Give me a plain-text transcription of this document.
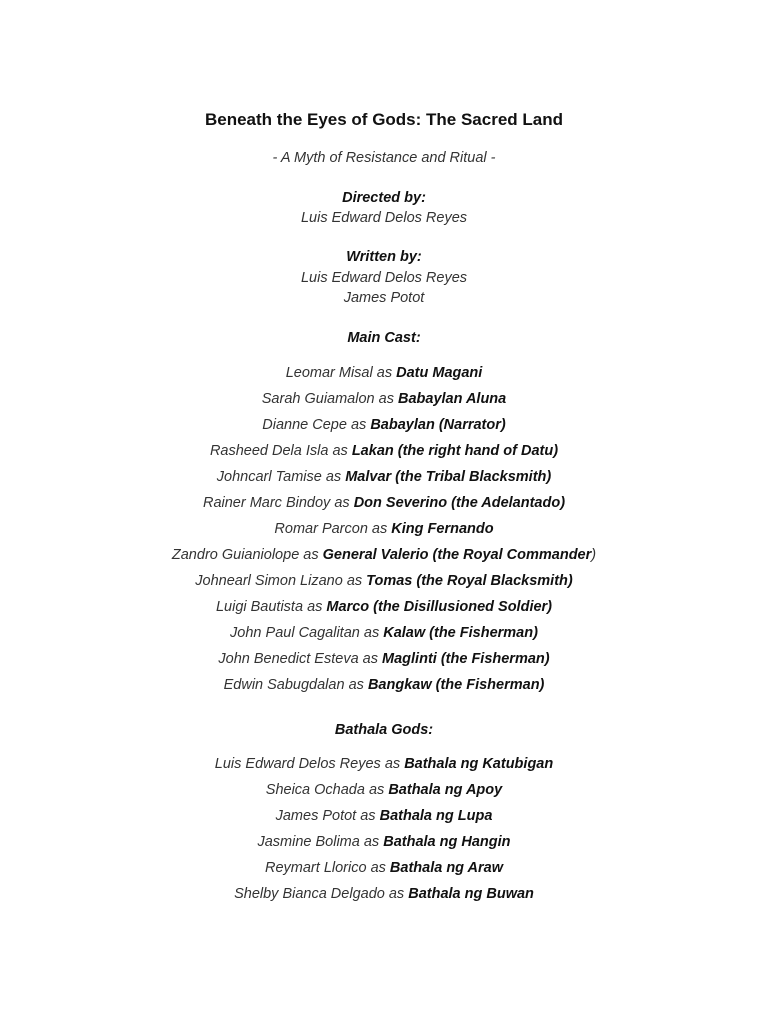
Beneath the Eyes of Gods: The Sacred Land
- A Myth of Resistance and Ritual -
Directed by:
Luis Edward Delos Reyes
Written by:
Luis Edward Delos Reyes
James Potot
Main Cast:
Leomar Misal as Datu Magani
Sarah Guiamalon as Babaylan Aluna
Dianne Cepe as Babaylan (Narrator)
Rasheed Dela Isla as Lakan (the right hand of Datu)
Johncarl Tamise as Malvar (the Tribal Blacksmith)
Rainer Marc Bindoy as Don Severino (the Adelantado)
Romar Parcon as King Fernando
Zandro Guianiolope as General Valerio (the Royal Commander)
Johnearl Simon Lizano as Tomas (the Royal Blacksmith)
Luigi Bautista as Marco (the Disillusioned Soldier)
John Paul Cagalitan as Kalaw (the Fisherman)
John Benedict Esteva as Maglinti (the Fisherman)
Edwin Sabugdalan as Bangkaw (the Fisherman)
Bathala Gods:
Luis Edward Delos Reyes as Bathala ng Katubigan
Sheica Ochada as Bathala ng Apoy
James Potot as Bathala ng Lupa
Jasmine Bolima as Bathala ng Hangin
Reymart Llorico as Bathala ng Araw
Shelby Bianca Delgado as Bathala ng Buwan
